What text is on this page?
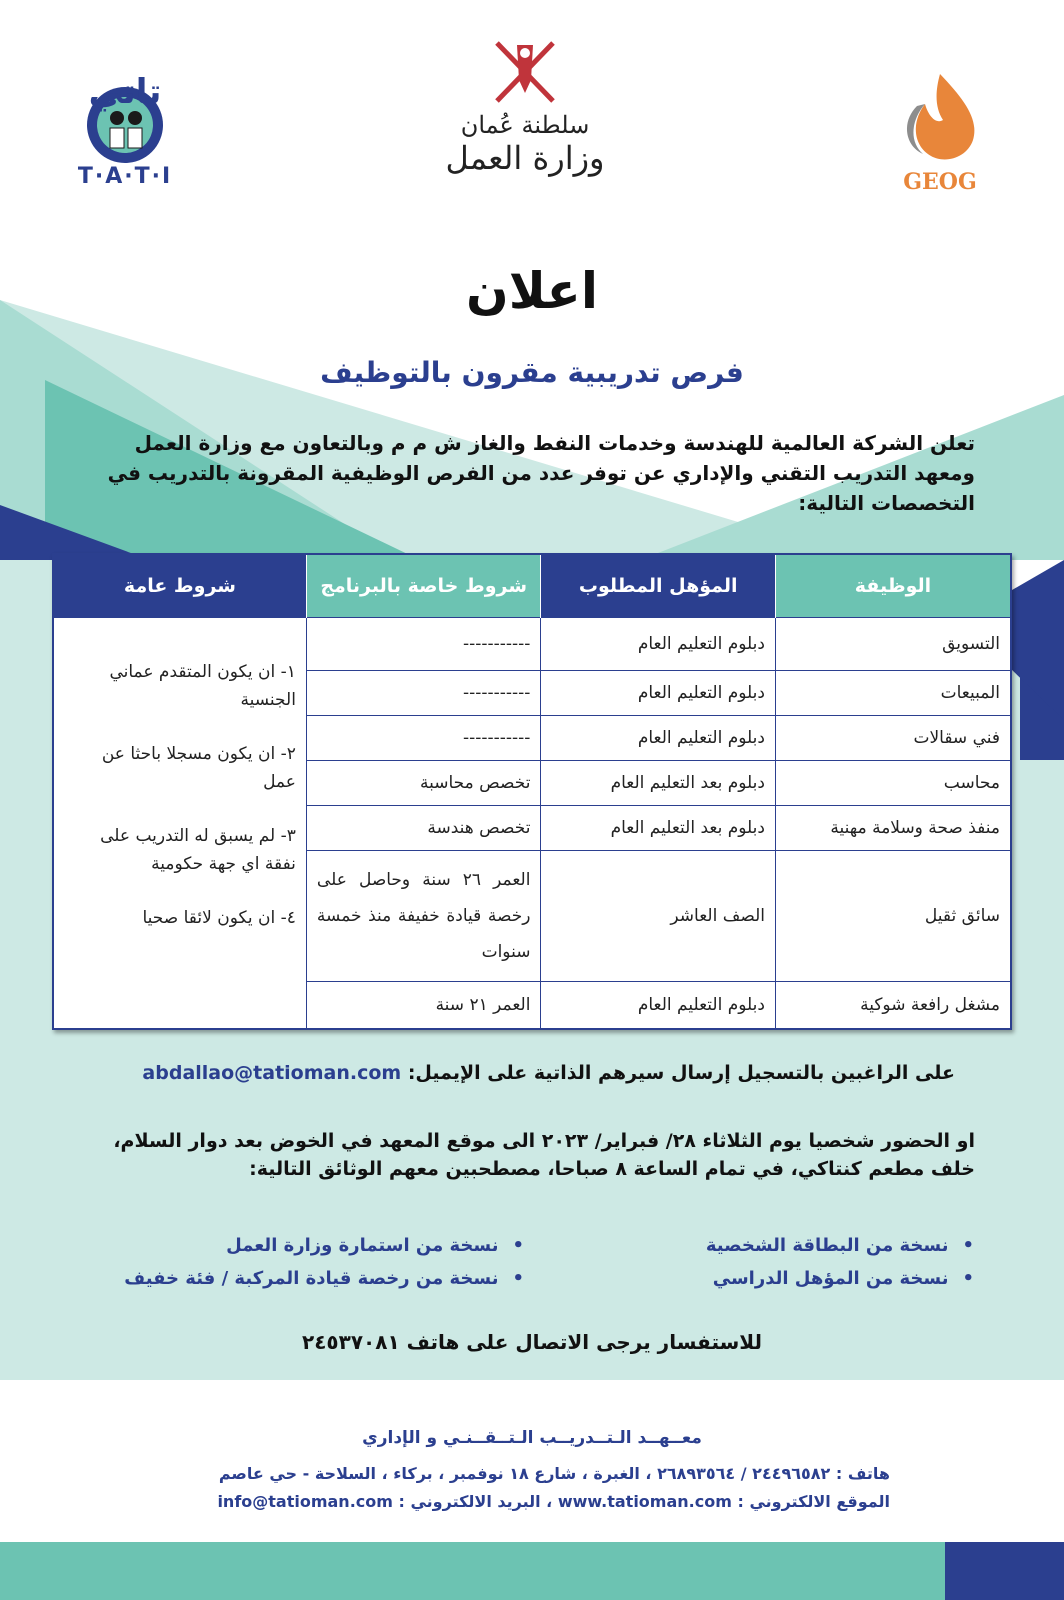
تاتي
T·A·T·I
سلطنة عُمان
وزارة العمل
GEOG
اعلان
فرص تدريبية مقرون بالتوظيف
تعلن الشركة العالمية للهندسة وخدمات النفط والغاز ش م م وبالتعاون مع وزارة العمل ومعهد التدريب التقني والإداري عن توفر عدد من الفرص الوظيفية المقرونة بالتدريب في التخصصات التالية:
الوظيفة	المؤهل المطلوب	شروط خاصة بالبرنامج	شروط عامة
التسويق	دبلوم التعليم العام	-----------	١- ان يكون المتقدم عماني الجنسية
٢- ان يكون مسجلا باحثا عن عمل
٣- لم يسبق له التدريب على نفقة اي جهة حكومية
٤- ان يكون لائقا صحيا

المبيعات	دبلوم التعليم العام	-----------	
فني سقالات	دبلوم التعليم العام	-----------	
محاسب	دبلوم بعد التعليم العام	تخصص محاسبة	
منفذ صحة وسلامة مهنية	دبلوم بعد التعليم العام	تخصص هندسة	
سائق ثقيل	الصف العاشر	العمر ٢٦ سنة وحاصل على رخصة قيادة خفيفة منذ خمسة سنوات	
مشغل رافعة شوكية	دبلوم التعليم العام	العمر ٢١ سنة	
على الراغبين بالتسجيل إرسال سيرهم الذاتية على الإيميل: abdallao@tatioman.com
او الحضور شخصيا يوم الثلاثاء ٢٨/ فبراير/ ٢٠٢٣ الى موقع المعهد في الخوض بعد دوار السلام، خلف مطعم كنتاكي، في تمام الساعة ٨ صباحا، مصطحبين معهم الوثائق التالية:
•نسخة من البطاقة الشخصية
•نسخة من المؤهل الدراسي
•نسخة من استمارة وزارة العمل
•نسخة من رخصة قيادة المركبة / فئة خفيف
للاستفسار يرجى الاتصال على هاتف ٢٤٥٣٧٠٨١
معــهــد الـتــدريــب الـتــقــنـي و الإداري
هاتف : ٢٤٤٩٦٥٨٢ / ٢٦٨٩٣٥٦٤ ، الغبرة ، شارع ١٨ نوفمبر ، بركاء ، السلاحة - حي عاصم
الموقع الالكتروني : www.tatioman.com ، البريد الالكتروني : info@tatioman.com
